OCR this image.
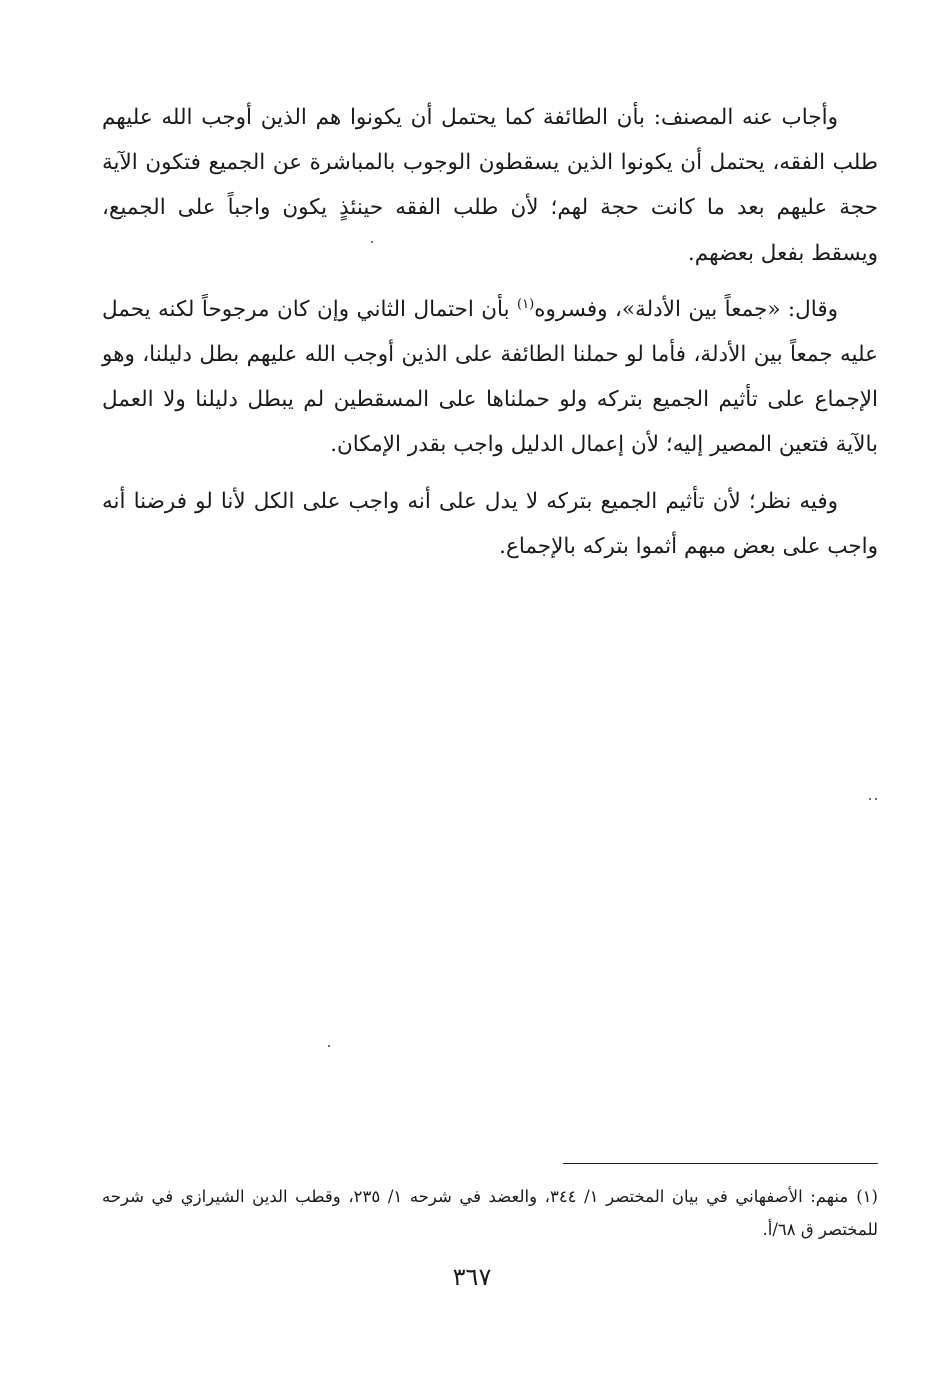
وأجاب عنه المصنف: بأن الطائفة كما يحتمل أن يكونوا هم الذين أوجب الله عليهم طلب الفقه، يحتمل أن يكونوا الذين يسقطون الوجوب بالمباشرة عن الجميع فتكون الآية حجة عليهم بعد ما كانت حجة لهم؛ لأن طلب الفقه حينئذٍ يكون واجباً على الجميع، ويسقط بفعل بعضهم.

وقال: «جمعاً بين الأدلة»، وفسروه$^{(١)}$ بأن احتمال الثاني وإن كان مرجوحاً لكنه يحمل عليه جمعاً بين الأدلة، فأما لو حملنا الطائفة على الذين أوجب الله عليهم بطل دليلنا، وهو الإجماع على تأثيم الجميع بتركه ولو حملناها على المسقطين لم يبطل دليلنا ولا العمل بالآية فتعين المصير إليه؛ لأن إعمال الدليل واجب بقدر الإمكان.

وفيه نظر؛ لأن تأثيم الجميع بتركه لا يدل على أنه واجب على الكل لأنا لو فرضنا أنه واجب على بعض مبهم أثموا بتركه بالإجماع.

(١)منهم: الأصفهاني في بيان المختصر ١/ ٣٤٤، والعضد في شرحه ١/ ٢٣٥، وقطب الدين الشيرازي في شرحه للمختصر ق ٦٨/أ.

٣٦٧
